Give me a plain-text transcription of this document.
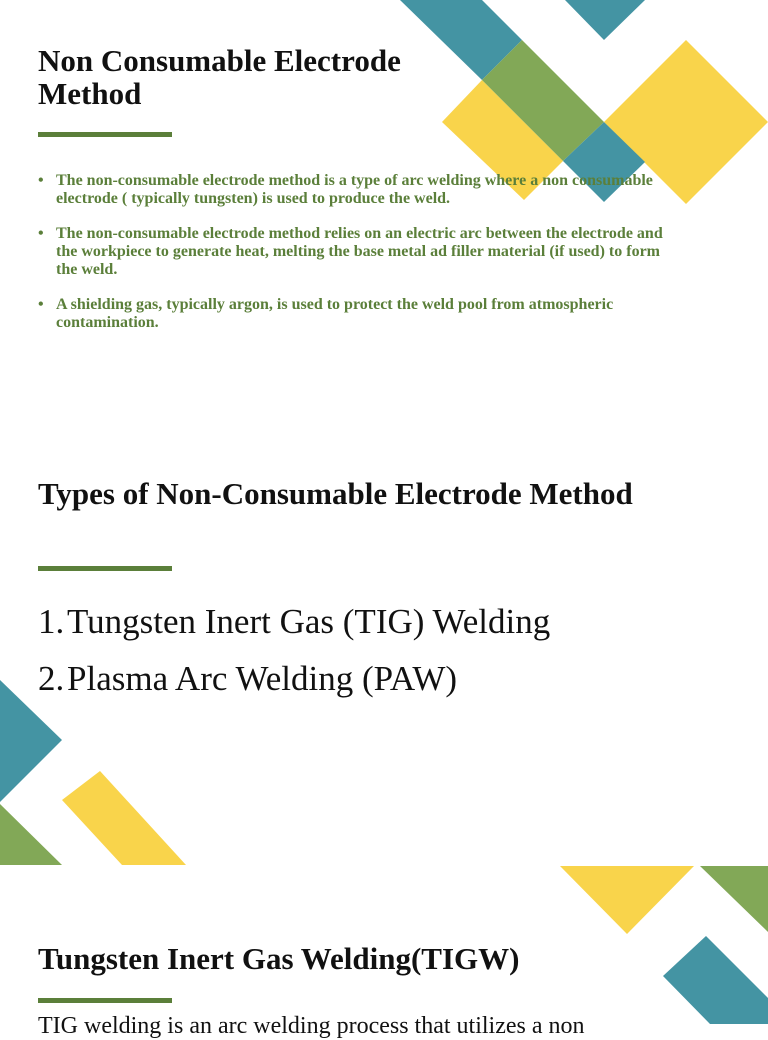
Non Consumable Electrode Method
• The non-consumable electrode method is a type of arc welding where a non consumable electrode ( typically tungsten) is used to produce the weld.
• The non-consumable electrode method relies on an electric arc between the electrode and the workpiece to generate heat, melting the base metal ad filler material (if used) to form the weld.
• A shielding gas, typically argon, is used to protect the weld pool from atmospheric contamination.
Types of Non-Consumable Electrode Method
1. Tungsten Inert Gas (TIG) Welding
2. Plasma Arc Welding (PAW)
Tungsten Inert Gas Welding(TIGW)

TIG welding is an arc welding process that utilizes a non
